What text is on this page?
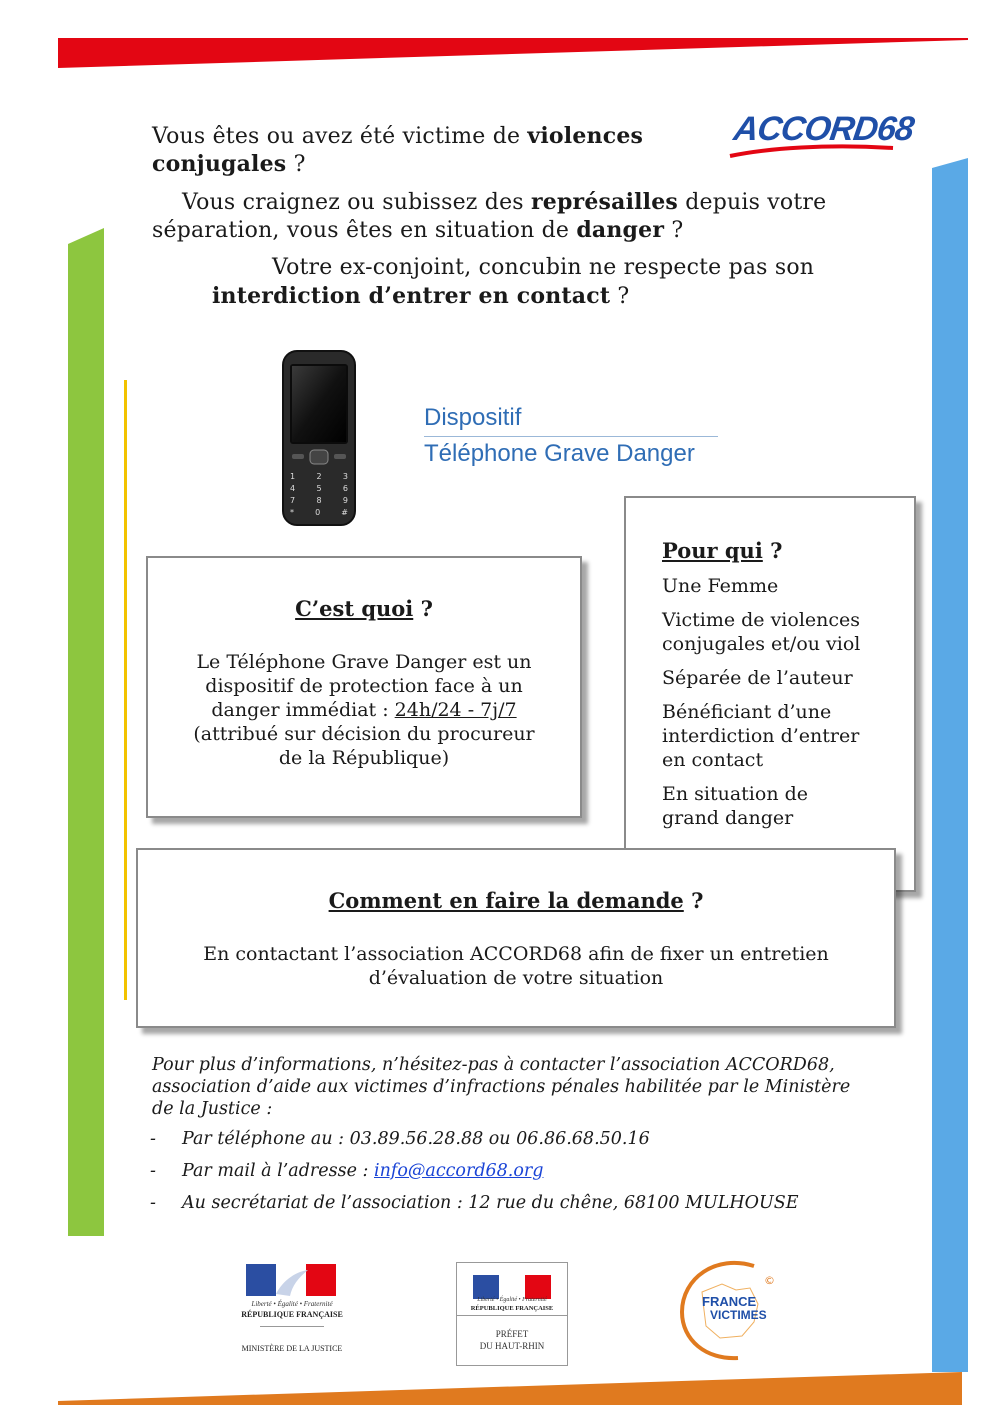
ACCORD68
Vous êtes ou avez été victime de violences
conjugales ?
Vous craignez ou subissez des représailles depuis votre
séparation, vous êtes en situation de danger ?
Votre ex-conjoint, concubin ne respecte pas son
interdiction d’entrer en contact ?
1	2	3
4	5	6
7	8	9
*	0	#
Dispositif
Téléphone Grave Danger
Pour qui ?
Une Femme
Victime de violences
conjugales et/ou viol
Séparée de l’auteur
Bénéficiant d’une
interdiction d’entrer
en contact
En situation de
grand danger
C’est quoi ?
Le Téléphone Grave Danger est un
dispositif de protection face à un
danger immédiat : 24h/24 - 7j/7
(attribué sur décision du procureur
de la République)
Comment en faire la demande ?
En contactant l’association ACCORD68 afin de fixer un entretien
d’évaluation de votre situation
Pour plus d’informations, n’hésitez-pas à contacter l’association ACCORD68,
association d’aide aux victimes d’infractions pénales habilitée par le Ministère
de la Justice :
- Par téléphone au : 03.89.56.28.88 ou 06.86.68.50.16
- Par mail à l’adresse : info@accord68.org
- Au secrétariat de l’association : 12 rue du chêne, 68100 MULHOUSE
Liberté • Égalité • Fraternité
RÉPUBLIQUE FRANÇAISE
MINISTÈRE DE LA JUSTICE
Liberté • Égalité • Fraternité
RÉPUBLIQUE FRANÇAISE
PRÉFET
DU HAUT-RHIN
FRANCE
VICTIMES
©
